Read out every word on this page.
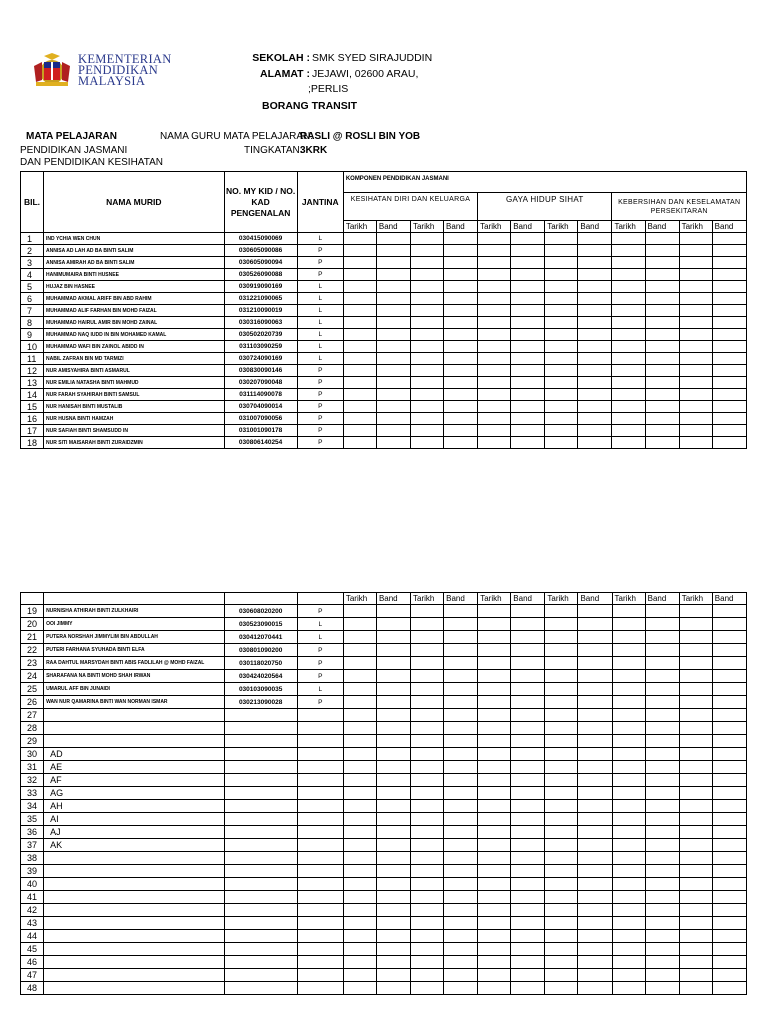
KEMENTERIAN
PENDIDIKAN
MALAYSIA
SEKOLAH : SMK SYED SIRAJUDDIN
ALAMAT : JEJAWI, 02600 ARAU,
;PERLIS
BORANG TRANSIT
MATA PELAJARAN	NAMA GURU MATA PELAJARAN:
RASLI @ ROSLI BIN YOB
PENDIDIKAN JASMANI	TINGKATAN:
3KRK
DAN PENDIDIKAN KESIHATAN
BIL.	NAMA MURID	NO. MY KID / NO. KAD PENGENALAN	JANTINA	KOMPONEN PENDIDIKAN JASMANI											
				KESIHATAN DIRI DAN KELUARGA				GAYA HIDUP SIHAT				KEBERSIHAN DAN KESELAMATAN PERSEKITARAN			
				Tarikh	Band	Tarikh	Band	Tarikh	Band	Tarikh	Band	Tarikh	Band	Tarikh	Band
1	IND YCHIA WEN CHUN	030415090069	L												
2	ANNISA AD LAH AD BA BINTI SALIM	030605090086	P												
3	ANNISA AMIRAH AD BA BINTI SALIM	030605090094	P												
4	HANIMUMAIRA BINTI HUSNEE	030526090088	P												
5	HUJAZ BIN HASNEE	030919090169	L												
6	MUHAMMAD AKMAL ARIFF BIN ABD RAHIM	031221090065	L												
7	MUHAMMAD ALIF FARHAN BIN MOHD FAIZAL	031210090019	L												
8	MUHAMMAD HAIRUL AMIR BIN MOHD ZAINAL	030316090063	L												
9	MUHAMMAD NAQ IUDD IN BIN MOHAMED KAMAL	030502020739	L												
10	MUHAMMAD WAFI BIN ZAINOL ABIDD IN	031103090259	L												
11	NABIL ZAFRAN BIN MD TARMIZI	030724090169	L												
12	NUR AMISYAHIRA BINTI ASMARUL	030830090146	P												
13	NUR EMILIA NATASHA BINTI MAHMUD	030207090048	P												
14	NUR FARAH SYAHIRAH BINTI SAMSUL	031114090078	P												
15	NUR HANISAH BINTI MUSTALIB	030704090014	P												
16	NUR HUSNA BINTI HAMZAH	031007090056	P												
17	NUR SAFIAH BINTI SHAMSUDD IN	031001090178	P												
18	NUR SITI MAISARAH BINTI ZURAIDZMIN	030806140254	P												
				Tarikh	Band	Tarikh	Band	Tarikh	Band	Tarikh	Band	Tarikh	Band	Tarikh	Band
19	NURNISHA ATHIRAH BINTI ZULKHAIRI	030608020200	P												
20	OOI JIMMY	030523090015	L												
21	PUTERA NORSHAH JIMMYLIM BIN ABDULLAH	030412070441	L												
22	PUTERI FARHANA SYUHADA BINTI ELFA	030801090200	P												
23	RAA DAHTUL MARSYDAH BINTI ABIS FADLILAH @ MOHD FAIZAL	030118020750	P												
24	SHARAFANA NA BINTI MOHD SHAH IRWAN	030424020564	P												
25	UMARUL AFF BIN JUNAIDI	030103090035	L												
26	WAN NUR QAMARINA BINTI WAN NORMAN ISMAR	030213090028	P												
27															
28															
29															
30	AD														
31	AE														
32	AF														
33	AG														
34	AH														
35	AI														
36	AJ														
37	AK														
38															
39															
40															
41															
42															
43															
44															
45															
46															
47															
48															
